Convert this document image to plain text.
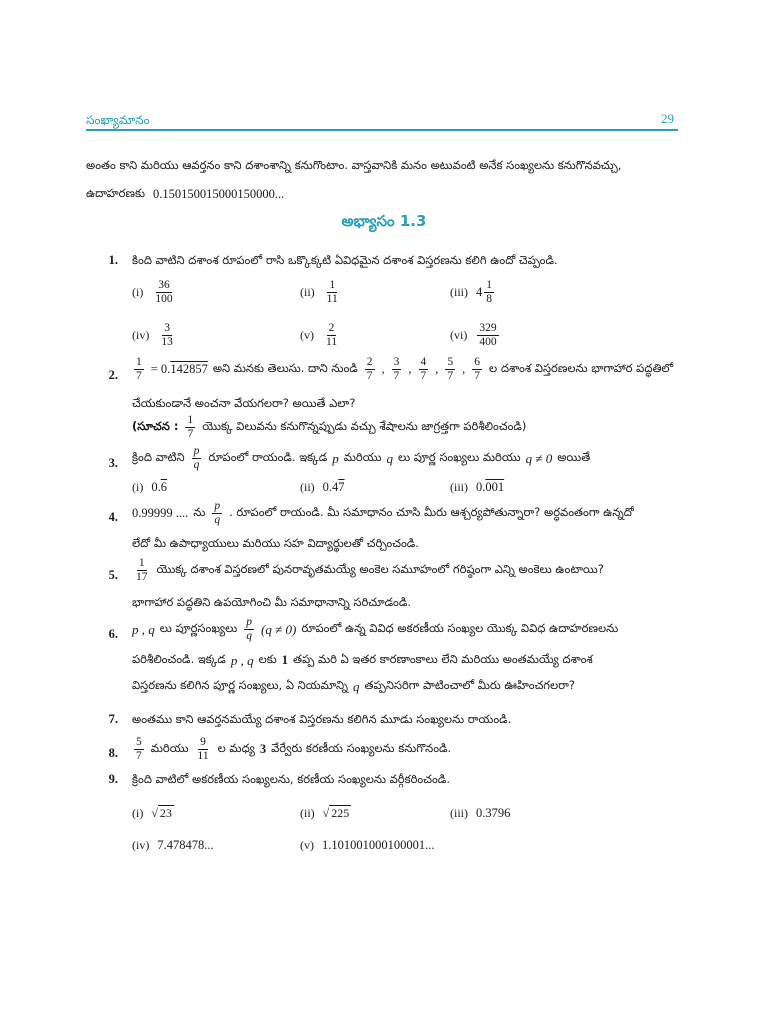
సంఖ్యామానం	29
అంతం కాని మరియు ఆవర్తనం కాని దశాంశాన్ని కనుగొంటాం. వాస్తవానికి మనం అటువంటి అనేక సంఖ్యలను కనుగొనవచ్చు,
ఉదాహరణకు 0.150150015000150000...
అభ్యాసం 1.3
1. కింది వాటిని దశాంశ రూపంలో రాసి ఒక్కొక్కటి ఏవిధమైన దశాంశ విస్తరణను కలిగి ఉందో చెప్పండి.
$(i) \frac{36}{100}$	$(ii) \frac{1}{11}$	(iii) $4 \frac{1}{8}$
$(iv) \frac{3}{13}$	$(v) \frac{2}{11}$	$(vi) \frac{329}{400}$
2. $\frac{1}{7} = 0.142857$ అని మనకు తెలుసు. దాని నుండి $\frac{2}{7}$ , $\frac{3}{7}$ , $\frac{4}{7}$ , $\frac{5}{7}$ , $\frac{6}{7}$ ల దశాంశ విస్తరణలను భాగాహార పద్ధతిలో
చేయకుండానే అంచనా వేయగలరా? అయితే ఎలా?
(సూచన : $\frac{1}{7}$ యొక్క విలువను కనుగొన్నప్పుడు వచ్చు శేషాలను జాగ్రత్తగా పరిశీలించండి)
3. క్రింది వాటిని $\frac{p}{q}$ రూపంలో రాయండి. ఇక్కడ p మరియు q లు పూర్ణ సంఖ్యలు మరియు q ≠ 0 అయితే
(i) 0.6	(ii) 0.47	(iii) 0.001
4. 0.99999 .... ను $\frac{p}{q}$ . రూపంలో రాయండి. మీ సమాధానం చూసి మీరు ఆశ్చర్యపోతున్నారా? అర్ధవంతంగా ఉన్నదో
లేదో మీ ఉపాధ్యాయులు మరియు సహ విద్యార్థులతో చర్చించండి.
5. $\frac{1}{17}$ యొక్క దశాంశ విస్తరణలో పునరావృతమయ్యే అంకెల సమూహంలో గరిష్ఠంగా ఎన్ని అంకెలు ఉంటాయి?
భాగాహార పద్ధతిని ఉపయోగించి మీ సమాధానాన్ని సరిచూడండి.
6. p , q లు పూర్ణసంఖ్యలు $\frac{p}{q} (q \ne 0)$ రూపంలో ఉన్న వివిధ అకరణీయ సంఖ్యల యొక్క వివిధ ఉదాహరణలను
పరిశీలించండి. ఇక్కడ p , q లకు 1 తప్ప మరి ఏ ఇతర కారణాంకాలు లేని మరియు అంతమయ్యే దశాంశ
విస్తరణను కలిగిన పూర్ణ సంఖ్యలు, ఏ నియమాన్ని q తప్పనిసరిగా పాటించాలో మీరు ఊహించగలరా?
7. అంతము కాని ఆవర్తనమయ్యే దశాంశ విస్తరణను కలిగిన మూడు సంఖ్యలను రాయండి.
8. $\frac{5}{7}$ మరియు $\frac{9}{11}$ ల మధ్య 3 వేర్వేరు కరణీయ సంఖ్యలను కనుగొనండి.
9. క్రింది వాటిలో అకరణీయ సంఖ్యలను, కరణీయ సంఖ్యలను వర్గీకరించండి.
(i) √ 23	(ii) √ 225	(iii) 0.3796
(iv) 7.478478...	(v) 1.101001000100001...
